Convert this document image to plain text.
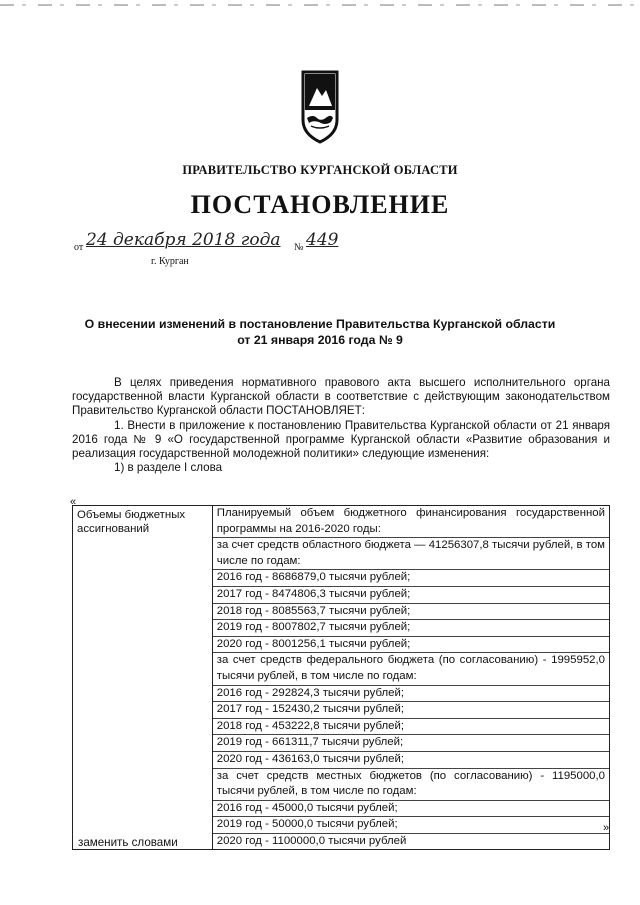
ПРАВИТЕЛЬСТВО КУРГАНСКОЙ ОБЛАСТИ
ПОСТАНОВЛЕНИЕ
от 24 декабря 2018 года № 449
г. Курган
О внесении изменений в постановление Правительства Курганской области
от 21 января 2016 года № 9

В целях приведения нормативного правового акта высшего исполнительного органа государственной власти Курганской области в соответствие с действующим законодательством Правительство Курганской области ПОСТАНОВЛЯЕТ:

1. Внести в приложение к постановлению Правительства Курганской области от 21 января 2016 года № 9 «О государственной программе Курганской области «Развитие образования и реализация государственной молодежной политики» следующие изменения:

1) в разделе I слова

«
Объемы бюджетных ассигнований	
Планируемый объем бюджетного финансирования государственной программы на 2016-2020 годы:
за счет средств областного бюджета — 41256307,8 тысячи рублей, в том числе по годам:
2016 год - 8686879,0 тысячи рублей;
2017 год - 8474806,3 тысячи рублей;
2018 год - 8085563,7 тысячи рублей;
2019 год - 8007802,7 тысячи рублей;
2020 год - 8001256,1 тысячи рублей;
за счет средств федерального бюджета (по согласованию) - 1995952,0 тысячи рублей, в том числе по годам:
2016 год - 292824,3 тысячи рублей;
2017 год - 152430,2 тысячи рублей;
2018 год - 453222,8 тысячи рублей;
2019 год - 661311,7 тысячи рублей;
2020 год - 436163,0 тысячи рублей;
за счет средств местных бюджетов (по согласованию) - 1195000,0 тысячи рублей, в том числе по годам:
2016 год - 45000,0 тысячи рублей;
2019 год - 50000,0 тысячи рублей;
2020 год - 1100000,0 тысячи рублей
»
заменить словами
